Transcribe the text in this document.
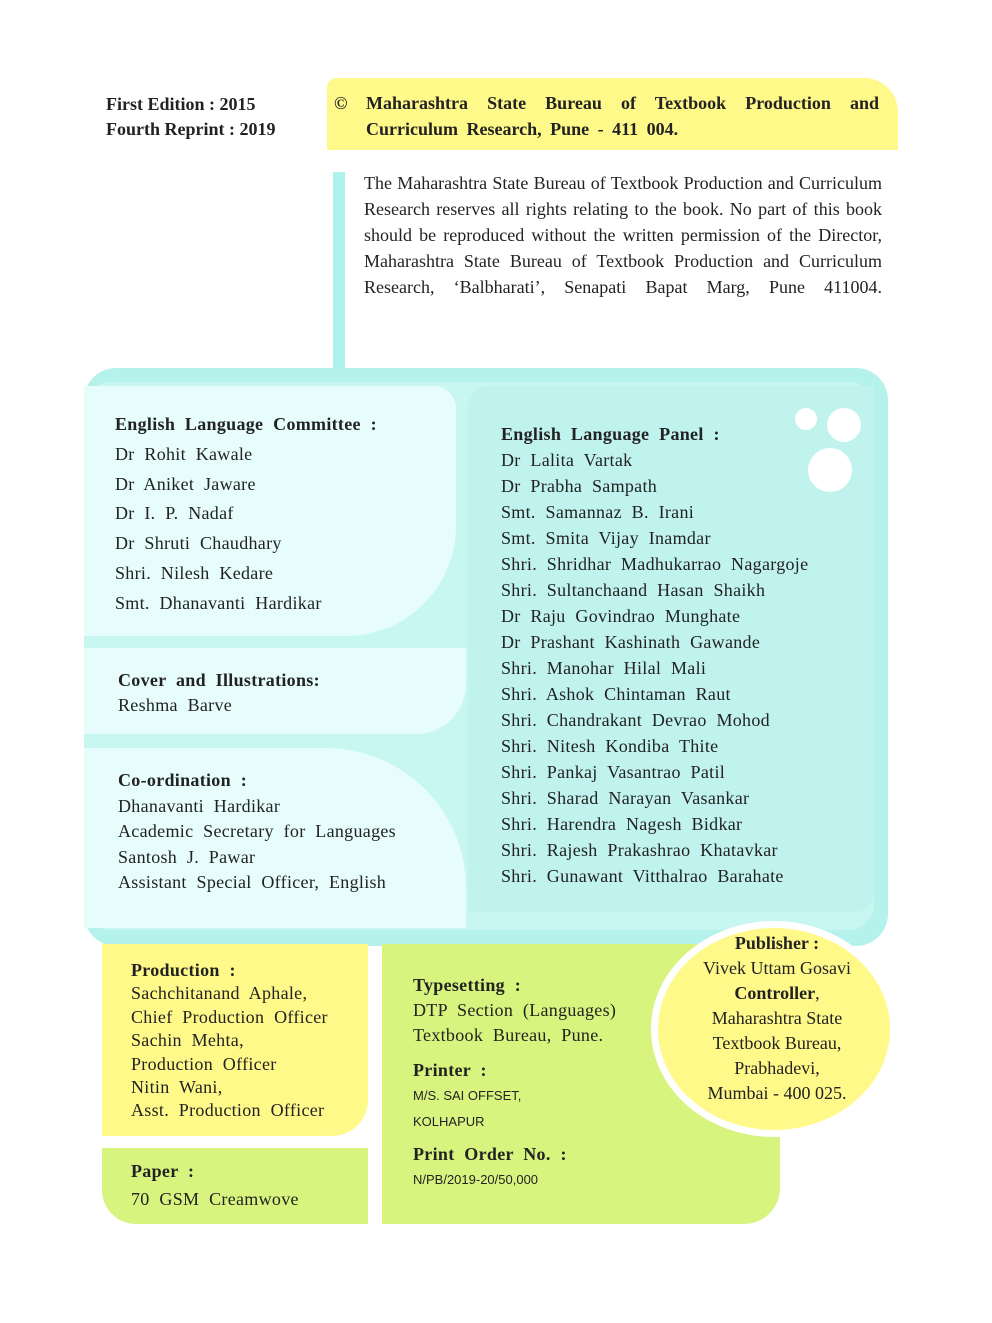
First Edition : 2015
Fourth Reprint : 2019
© Maharashtra State Bureau of Textbook Production and Curriculum Research, Pune - 411 004.
The Maharashtra State Bureau of Textbook Production and Curriculum Research reserves all rights relating to the book. No part of this book should be reproduced without the written permission of the Director, Maharashtra State Bureau of Textbook Production and Curriculum Research, ‘Balbharati’, Senapati Bapat Marg, Pune 411004.
English Language Committee :
Dr Rohit Kawale
Dr Aniket Jaware
Dr I. P. Nadaf
Dr Shruti Chaudhary
Shri. Nilesh Kedare
Smt. Dhanavanti Hardikar
Cover and Illustrations:
Reshma Barve
Co-ordination :
Dhanavanti Hardikar
Academic Secretary for Languages
Santosh J. Pawar
Assistant Special Officer, English
English Language Panel :
Dr Lalita Vartak
Dr Prabha Sampath
Smt. Samannaz B. Irani
Smt. Smita Vijay Inamdar
Shri. Shridhar Madhukarrao Nagargoje
Shri. Sultanchaand Hasan Shaikh
Dr Raju Govindrao Munghate
Dr Prashant Kashinath Gawande
Shri. Manohar Hilal Mali
Shri. Ashok Chintaman Raut
Shri. Chandrakant Devrao Mohod
Shri. Nitesh Kondiba Thite
Shri. Pankaj Vasantrao Patil
Shri. Sharad Narayan Vasankar
Shri. Harendra Nagesh Bidkar
Shri. Rajesh Prakashrao Khatavkar
Shri. Gunawant Vitthalrao Barahate
Production :
Sachchitanand Aphale,
Chief Production Officer
Sachin Mehta,
Production Officer
Nitin Wani,
Asst. Production Officer
Paper :
70 GSM Creamwove
Typesetting :
DTP Section (Languages)
Textbook Bureau, Pune.
Printer :
M/S. SAI OFFSET,
KOLHAPUR
Print Order No. :
N/PB/2019-20/50,000
Publisher :
Vivek Uttam Gosavi
Controller,
Maharashtra State
Textbook Bureau,
Prabhadevi,
Mumbai - 400 025.
